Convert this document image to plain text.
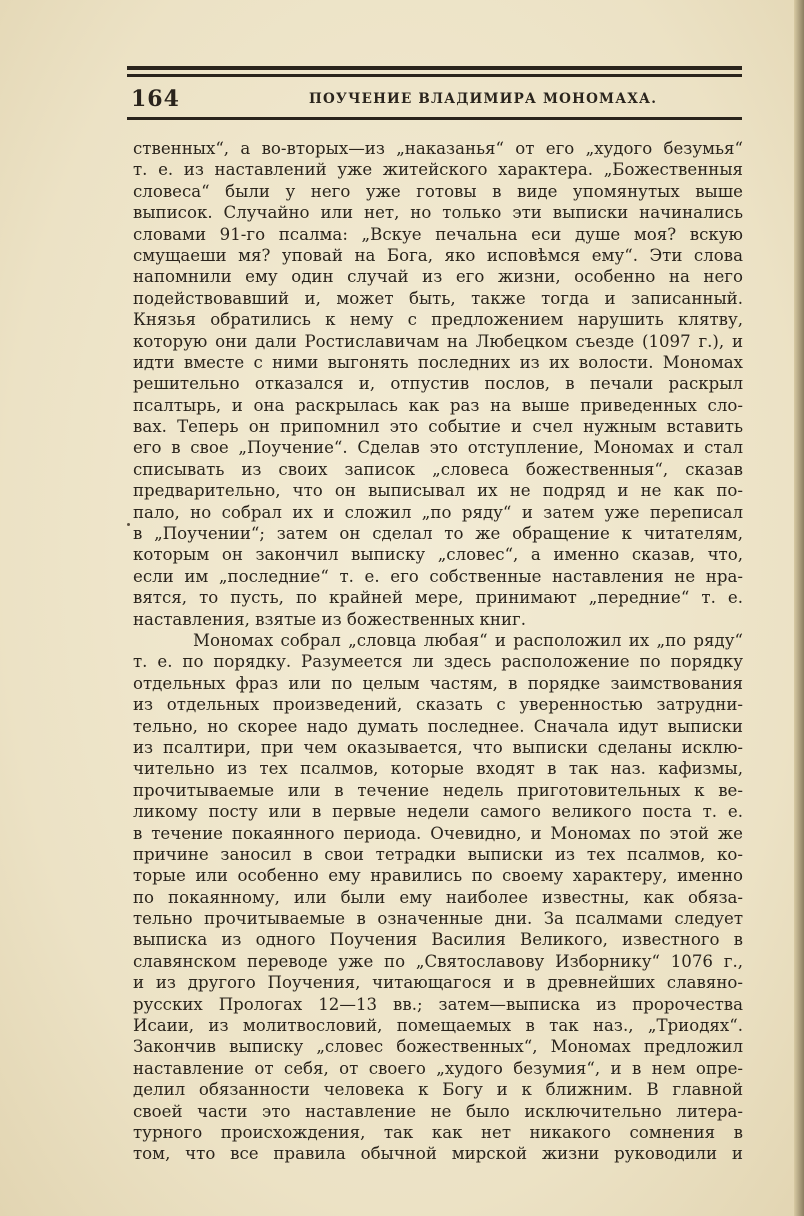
164	ПОУЧЕНИЕ ВЛАДИМИРА МОНОМАХА.
ственных“, а во-вторых—из „наказанья“ от его „худого безумья“
т. е. из наставлений уже житейского характера. „Божественныя
словеса“ были у него уже готовы в виде упомянутых выше
выписок. Случайно или нет, но только эти выписки начинались
словами 91-го псалма: „Вскуе печальна еси душе моя? вскую
смущаеши мя? уповай на Бога, яко исповѣмся ему“. Эти слова
напомнили ему один случай из его жизни, особенно на него
подействовавший и, может быть, также тогда и записанный.
Князья обратились к нему с предложением нарушить клятву,
которую они дали Ростиславичам на Любецком съезде (1097 г.), и
идти вместе с ними выгонять последних из их волости. Мономах
решительно отказался и, отпустив послов, в печали раскрыл
псалтырь, и она раскрылась как раз на выше приведенных сло-
вах. Теперь он припомнил это событие и счел нужным вставить
его в свое „Поучение“. Сделав это отступление, Мономах и стал
списывать из своих записок „словеса божественныя“, сказав
предварительно, что он выписывал их не подряд и не как по-
пало, но собрал их и сложил „по ряду“ и затем уже переписал
в „Поучении“; затем он сделал то же обращение к читателям,
которым он закончил выписку „словес“, а именно сказав, что,
если им „последние“ т. е. его собственные наставления не нра-
вятся, то пусть, по крайней мере, принимают „передние“ т. е.
наставления, взятые из божественных книг.
Мономах собрал „словца любая“ и расположил их „по ряду“
т. е. по порядку. Разумеется ли здесь расположение по порядку
отдельных фраз или по целым частям, в порядке заимствования
из отдельных произведений, сказать с уверенностью затрудни-
тельно, но скорее надо думать последнее. Сначала идут выписки
из псалтири, при чем оказывается, что выписки сделаны исклю-
чительно из тех псалмов, которые входят в так наз. кафизмы,
прочитываемые или в течение недель приготовительных к ве-
ликому посту или в первые недели самого великого поста т. е.
в течение покаянного периода. Очевидно, и Мономах по этой же
причине заносил в свои тетрадки выписки из тех псалмов, ко-
торые или особенно ему нравились по своему характеру, именно
по покаянному, или были ему наиболее известны, как обяза-
тельно прочитываемые в означенные дни. За псалмами следует
выписка из одного Поучения Василия Великого, известного в
славянском переводе уже по „Святославову Изборнику“ 1076 г.,
и из другого Поучения, читающагося и в древнейших славяно-
русских Прологах 12—13 вв.; затем—выписка из пророчества
Исаии, из молитвословий, помещаемых в так наз., „Триодях“.
Закончив выписку „словес божественных“, Мономах предложил
наставление от себя, от своего „худого безумия“, и в нем опре-
делил обязанности человека к Богу и к ближним. В главной
своей части это наставление не было исключительно литера-
турного происхождения, так как нет никакого сомнения в
том, что все правила обычной мирской жизни руководили и
